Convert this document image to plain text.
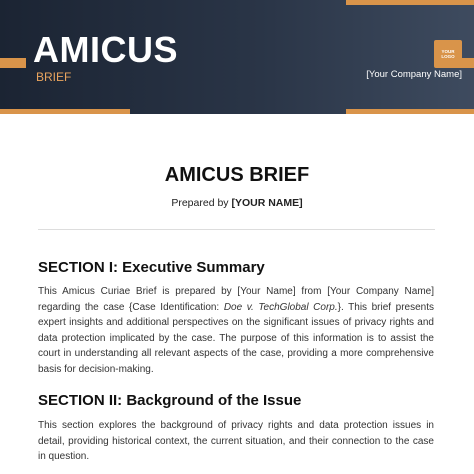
AMICUS
BRIEF
YOUR
LOGO
[Your Company Name]
AMICUS BRIEF
Prepared by [YOUR NAME]
SECTION I: Executive Summary
This Amicus Curiae Brief is prepared by [Your Name] from [Your Company Name] regarding the case {Case Identification: Doe v. TechGlobal Corp.}. This brief presents expert insights and additional perspectives on the significant issues of privacy rights and data protection implicated by the case. The purpose of this information is to assist the court in understanding all relevant aspects of the case, providing a more comprehensive basis for decision-making.
SECTION II: Background of the Issue
This section explores the background of privacy rights and data protection issues in detail, providing historical context, the current situation, and their connection to the case in question.
